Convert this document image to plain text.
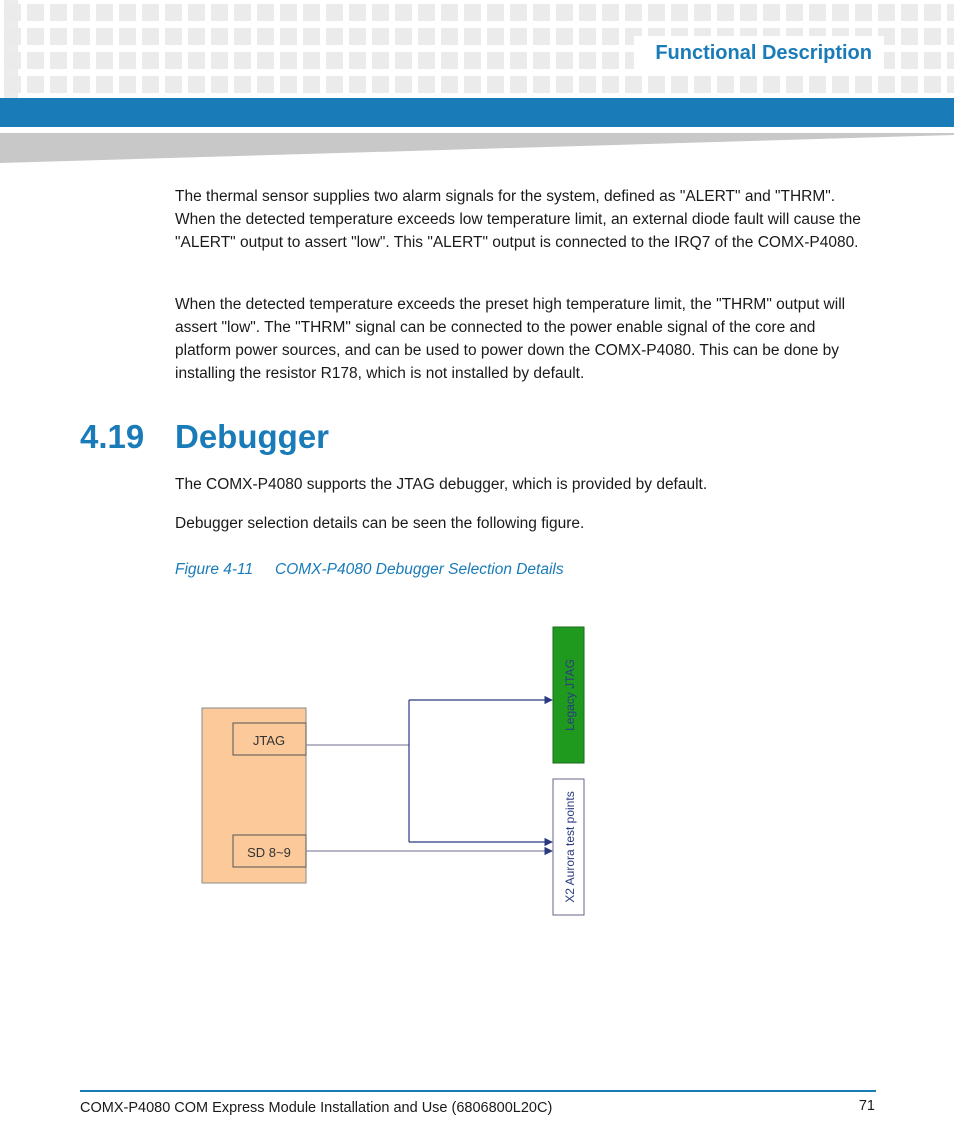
Functional Description

The thermal sensor supplies two alarm signals for the system, defined as "ALERT" and "THRM". When the detected temperature exceeds low temperature limit, an external diode fault will cause the "ALERT" output to assert "low". This "ALERT" output is connected to the IRQ7 of the COMX-P4080.

When the detected temperature exceeds the preset high temperature limit, the "THRM" output will assert "low". The "THRM" signal can be connected to the power enable signal of the core and platform power sources, and can be used to power down the COMX-P4080. This can be done by installing the resistor R178, which is not installed by default.

4.19 Debugger

The COMX-P4080 supports the JTAG debugger, which is provided by default.

Debugger selection details can be seen the following figure.

Figure 4-11 COMX-P4080 Debugger Selection Details
JTAG
SD 8~9
Legacy JTAG
X2 Aurora test points
COMX-P4080 COM Express Module Installation and Use (6806800L20C)	71
